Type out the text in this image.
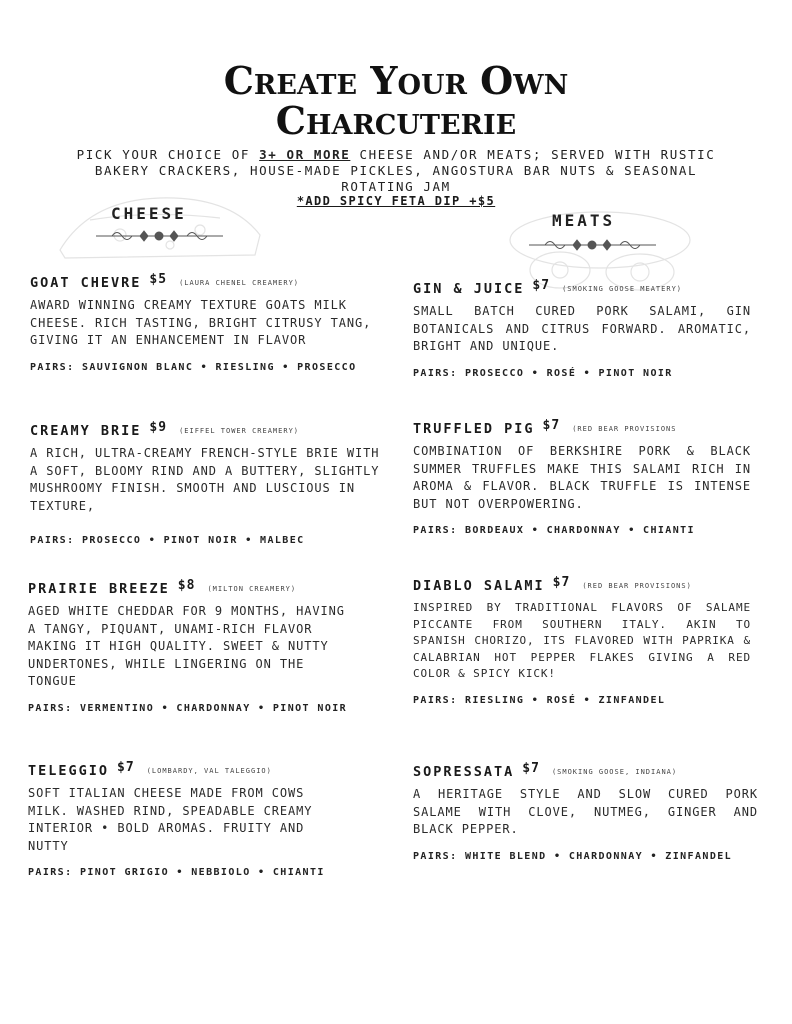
Create Your Own
Charcuterie
PICK YOUR CHOICE OF 3+ OR MORE CHEESE AND/OR MEATS; SERVED WITH RUSTIC BAKERY CRACKERS, HOUSE-MADE PICKLES, ANGOSTURA BAR NUTS & SEASONAL ROTATING JAM
*ADD SPICY FETA DIP +$5
CHEESE	MEATS
GOAT CHEVRE $^{\$5}$ (LAURA CHENEL CREAMERY)
AWARD WINNING CREAMY TEXTURE GOATS MILK CHEESE. RICH TASTING, BRIGHT CITRUSY TANG, GIVING IT AN ENHANCEMENT IN FLAVOR
PAIRS: SAUVIGNON BLANC • RIESLING • PROSECCO
CREAMY BRIE $^{\$9}$ (EIFFEL TOWER CREAMERY)
A RICH, ULTRA-CREAMY FRENCH-STYLE BRIE WITH A SOFT, BLOOMY RIND AND A BUTTERY, SLIGHTLY MUSHROOMY FINISH. SMOOTH AND LUSCIOUS IN TEXTURE,
PAIRS: PROSECCO • PINOT NOIR • MALBEC
PRAIRIE BREEZE $^{\$8}$ (MILTON CREAMERY)
AGED WHITE CHEDDAR FOR 9 MONTHS, HAVING A TANGY, PIQUANT, UNAMI-RICH FLAVOR MAKING IT HIGH QUALITY. SWEET & NUTTY UNDERTONES, WHILE LINGERING ON THE TONGUE
PAIRS: VERMENTINO • CHARDONNAY • PINOT NOIR
TELEGGIO $^{\$7}$ (LOMBARDY, VAL TALEGGIO)
SOFT ITALIAN CHEESE MADE FROM COWS MILK. WASHED RIND, SPEADABLE CREAMY INTERIOR • BOLD AROMAS. FRUITY AND NUTTY
PAIRS: PINOT GRIGIO • NEBBIOLO • CHIANTI
GIN & JUICE $^{\$7}$ (SMOKING GOOSE MEATERY)
SMALL BATCH CURED PORK SALAMI, GIN BOTANICALS AND CITRUS FORWARD. AROMATIC, BRIGHT AND UNIQUE.
PAIRS: PROSECCO • ROSÉ • PINOT NOIR
TRUFFLED PIG $^{\$7}$ (RED BEAR PROVISIONS
COMBINATION OF BERKSHIRE PORK & BLACK SUMMER TRUFFLES MAKE THIS SALAMI RICH IN AROMA & FLAVOR. BLACK TRUFFLE IS INTENSE BUT NOT OVERPOWERING.
PAIRS: BORDEAUX • CHARDONNAY • CHIANTI
DIABLO SALAMI $^{\$7}$ (RED BEAR PROVISIONS)
INSPIRED BY TRADITIONAL FLAVORS OF SALAME PICCANTE FROM SOUTHERN ITALY. AKIN TO SPANISH CHORIZO, ITS FLAVORED WITH PAPRIKA & CALABRIAN HOT PEPPER FLAKES GIVING A RED COLOR & SPICY KICK!
PAIRS: RIESLING • ROSÉ • ZINFANDEL
SOPRESSATA $^{\$7}$ (SMOKING GOOSE, INDIANA)
A HERITAGE STYLE AND SLOW CURED PORK SALAME WITH CLOVE, NUTMEG, GINGER AND BLACK PEPPER.
PAIRS: WHITE BLEND • CHARDONNAY • ZINFANDEL
